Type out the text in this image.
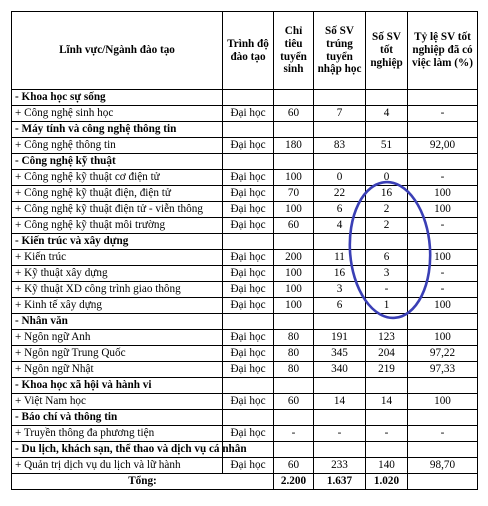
Lĩnh vực/Ngành đào tạo	Trình độ đào tạo	Chỉ tiêu tuyển sinh	Số SV trúng tuyển nhập học	Số SV tốt nghiệp	Tỷ lệ SV tốt nghiệp đã có việc làm (%)
- Khoa học sự sống					
+ Công nghệ sinh học	Đại học	60	7	4	-
- Máy tính và công nghệ thông tin					
+ Công nghệ thông tin	Đại học	180	83	51	92,00
- Công nghệ kỹ thuật					
+ Công nghệ kỹ thuật cơ điện tử	Đại học	100	0	0	-
+ Công nghệ kỹ thuật điện, điện tử	Đại học	70	22	16	100
+ Công nghệ kỹ thuật điện tử - viễn thông	Đại học	100	6	2	100
+ Công nghệ kỹ thuật môi trường	Đại học	60	4	2	-
- Kiến trúc và xây dựng					
+ Kiến trúc	Đại học	200	11	6	100
+ Kỹ thuật xây dựng	Đại học	100	16	3	-
+ Kỹ thuật XD công trình giao thông	Đại học	100	3	-	-
+ Kinh tế xây dựng	Đại học	100	6	1	100
- Nhân văn					
+ Ngôn ngữ Anh	Đại học	80	191	123	100
+ Ngôn ngữ Trung Quốc	Đại học	80	345	204	97,22
+ Ngôn ngữ Nhật	Đại học	80	340	219	97,33
- Khoa học xã hội và hành vi					
+ Việt Nam học	Đại học	60	14	14	100
- Báo chí và thông tin					
+ Truyền thông đa phương tiện	Đại học	-	-	-	-
- Du lịch, khách sạn, thể thao và dịch vụ cá nhân					
+ Quản trị dịch vụ du lịch và lữ hành	Đại học	60	233	140	98,70
Tổng:		2.200	1.637	1.020	
